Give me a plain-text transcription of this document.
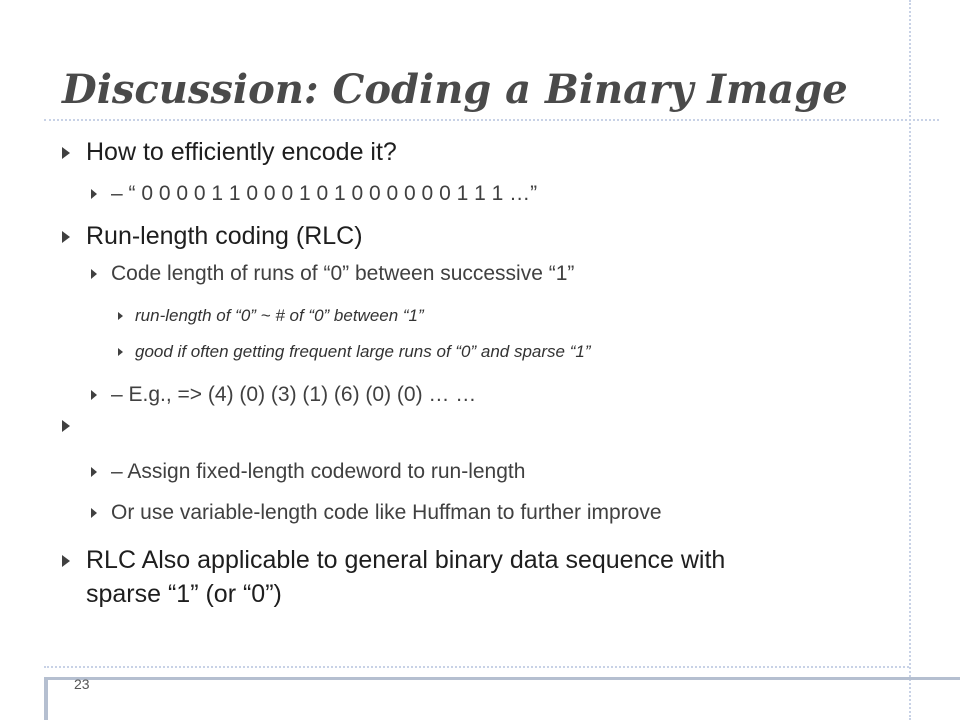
Discussion: Coding a Binary Image
How to efficiently encode it?
– “ 0 0 0 0 1 1 0 0 0 1 0 1 0 0 0 0 0 0 1 1 1 …”
Run-length coding (RLC)
Code length of runs of “0” between successive “1”
run-length of “0” ~ # of “0” between “1”
good if often getting frequent large runs of “0” and sparse “1”
– E.g., => (4) (0) (3) (1) (6) (0) (0) … …
– Assign fixed-length codeword to run-length
Or use variable-length code like Huffman to further improve
RLC Also applicable to general binary data sequence with
sparse “1” (or “0”)
23
